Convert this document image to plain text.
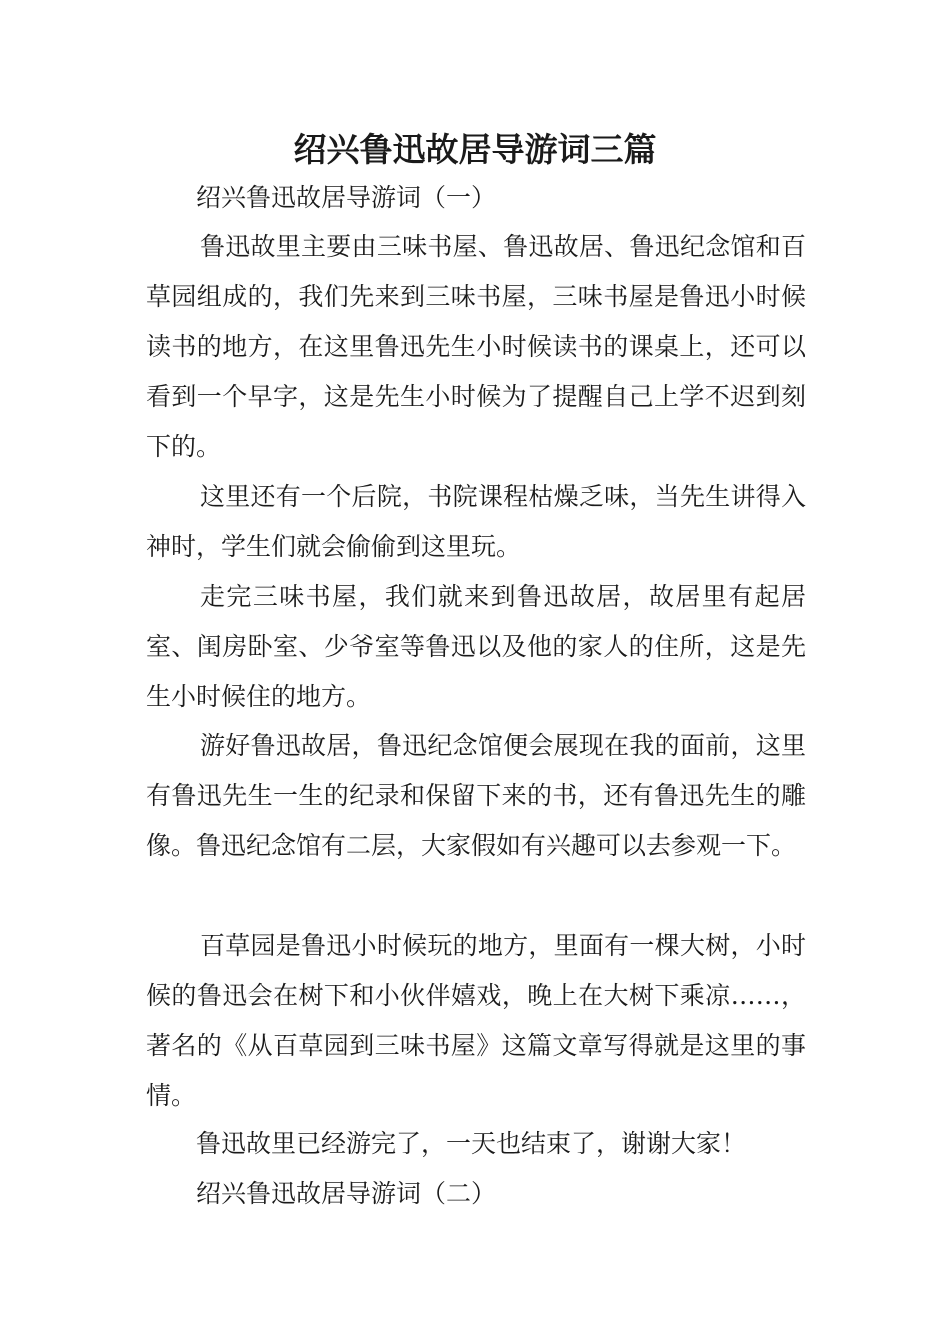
绍兴鲁迅故居导游词三篇

绍兴鲁迅故居导游词（一）

鲁迅故里主要由三味书屋、鲁迅故居、鲁迅纪念馆和百草园组成的，我们先来到三味书屋，三味书屋是鲁迅小时候读书的地方，在这里鲁迅先生小时候读书的课桌上，还可以看到一个早字，这是先生小时候为了提醒自己上学不迟到刻下的。

这里还有一个后院，书院课程枯燥乏味，当先生讲得入神时，学生们就会偷偷到这里玩。

走完三味书屋，我们就来到鲁迅故居，故居里有起居室、闺房卧室、少爷室等鲁迅以及他的家人的住所，这是先生小时候住的地方。

游好鲁迅故居，鲁迅纪念馆便会展现在我的面前，这里有鲁迅先生一生的纪录和保留下来的书，还有鲁迅先生的雕像。鲁迅纪念馆有二层，大家假如有兴趣可以去参观一下。

百草园是鲁迅小时候玩的地方，里面有一棵大树，小时候的鲁迅会在树下和小伙伴嬉戏，晚上在大树下乘凉……，著名的《从百草园到三味书屋》这篇文章写得就是这里的事情。

鲁迅故里已经游完了，一天也结束了，谢谢大家！

绍兴鲁迅故居导游词（二）
